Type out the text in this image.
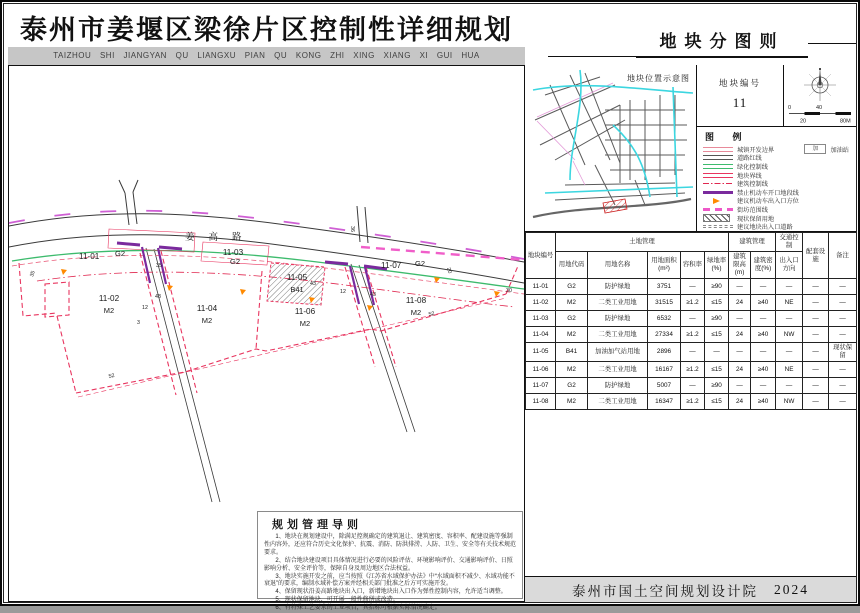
泰州市姜堰区梁徐片区控制性详细规划
TAIZHOU SHI JIANGYAN QU LIANGXU PIAN QU KONG ZHI XING XIANG XI GUI HUA
地块分图则
姜高路
11-01 G2
11-02
M2
11-03
G2
11-04
M2
11-05
B41
11-06
M2
11-07 G2
11-08
M2
35
35
36
12
43
3
43
12	43
20
30
52
52
规划管理导则

1、地块在规划建设中，除满足控规确定的建筑退让、建筑密度、容积率、配建设施等强制性内容外，还应符合历史文化保护、抗震、消防、防洪排涝、人防、卫生、安全等有关技术规范要求。

2、结合地块建设项目具体情况进行必要的风险评估、环境影响评价、交通影响评价、日照影响分析、安全评价等，保障自身及周边地区合法权益。

3、地块实施开发之前，应当按照《江苏省水域保护办法》中“水域面积不减少、水域功能不衰退”的要求，编制水域补偿方案并经相关部门批准之后方可实施开发。

4、保留现状沿姜高路地块出入口，新增地块出入口作为弹性控制内容，允许适当调整。

5、现状保留地块，可开展一般性修缮或改造。

6、有特殊工艺要求的工业项目，其指标可根据实际情况确定。

地块位置示意图	地块编号
11	0	40
20	80M
图 例
加	加油站
城镇开发边界
道路红线
绿化控制线
地块界线
建筑控制线
禁止机动车开口地段线
建议机动车出入口方位
街坊范围线
现状保留用地
建议地块出入口道路
地块编号	土地管理					建筑管理		交通控制	配套设施	备注
	用地代码	用地名称	用地面积(m²)	容积率	绿地率(%)	建筑限高(m)	建筑密度(%)	出入口方向		
11-01	G2	防护绿地	3751	—	≥90	—	—	—	—	—
11-02	M2	二类工业用地	31515	≥1.2	≤15	24	≥40	NE	—	—
11-03	G2	防护绿地	6532	—	≥90	—	—	—	—	—
11-04	M2	二类工业用地	27334	≥1.2	≤15	24	≥40	NW	—	—
11-05	B41	加油加气站用地	2896	—	—	—	—	—	—	现状保留
11-06	M2	二类工业用地	16167	≥1.2	≤15	24	≥40	NE	—	—
11-07	G2	防护绿地	5007	—	≥90	—	—	—	—	—
11-08	M2	二类工业用地	16347	≥1.2	≤15	24	≥40	NW	—	—
泰州市国土空间规划设计院 2024
